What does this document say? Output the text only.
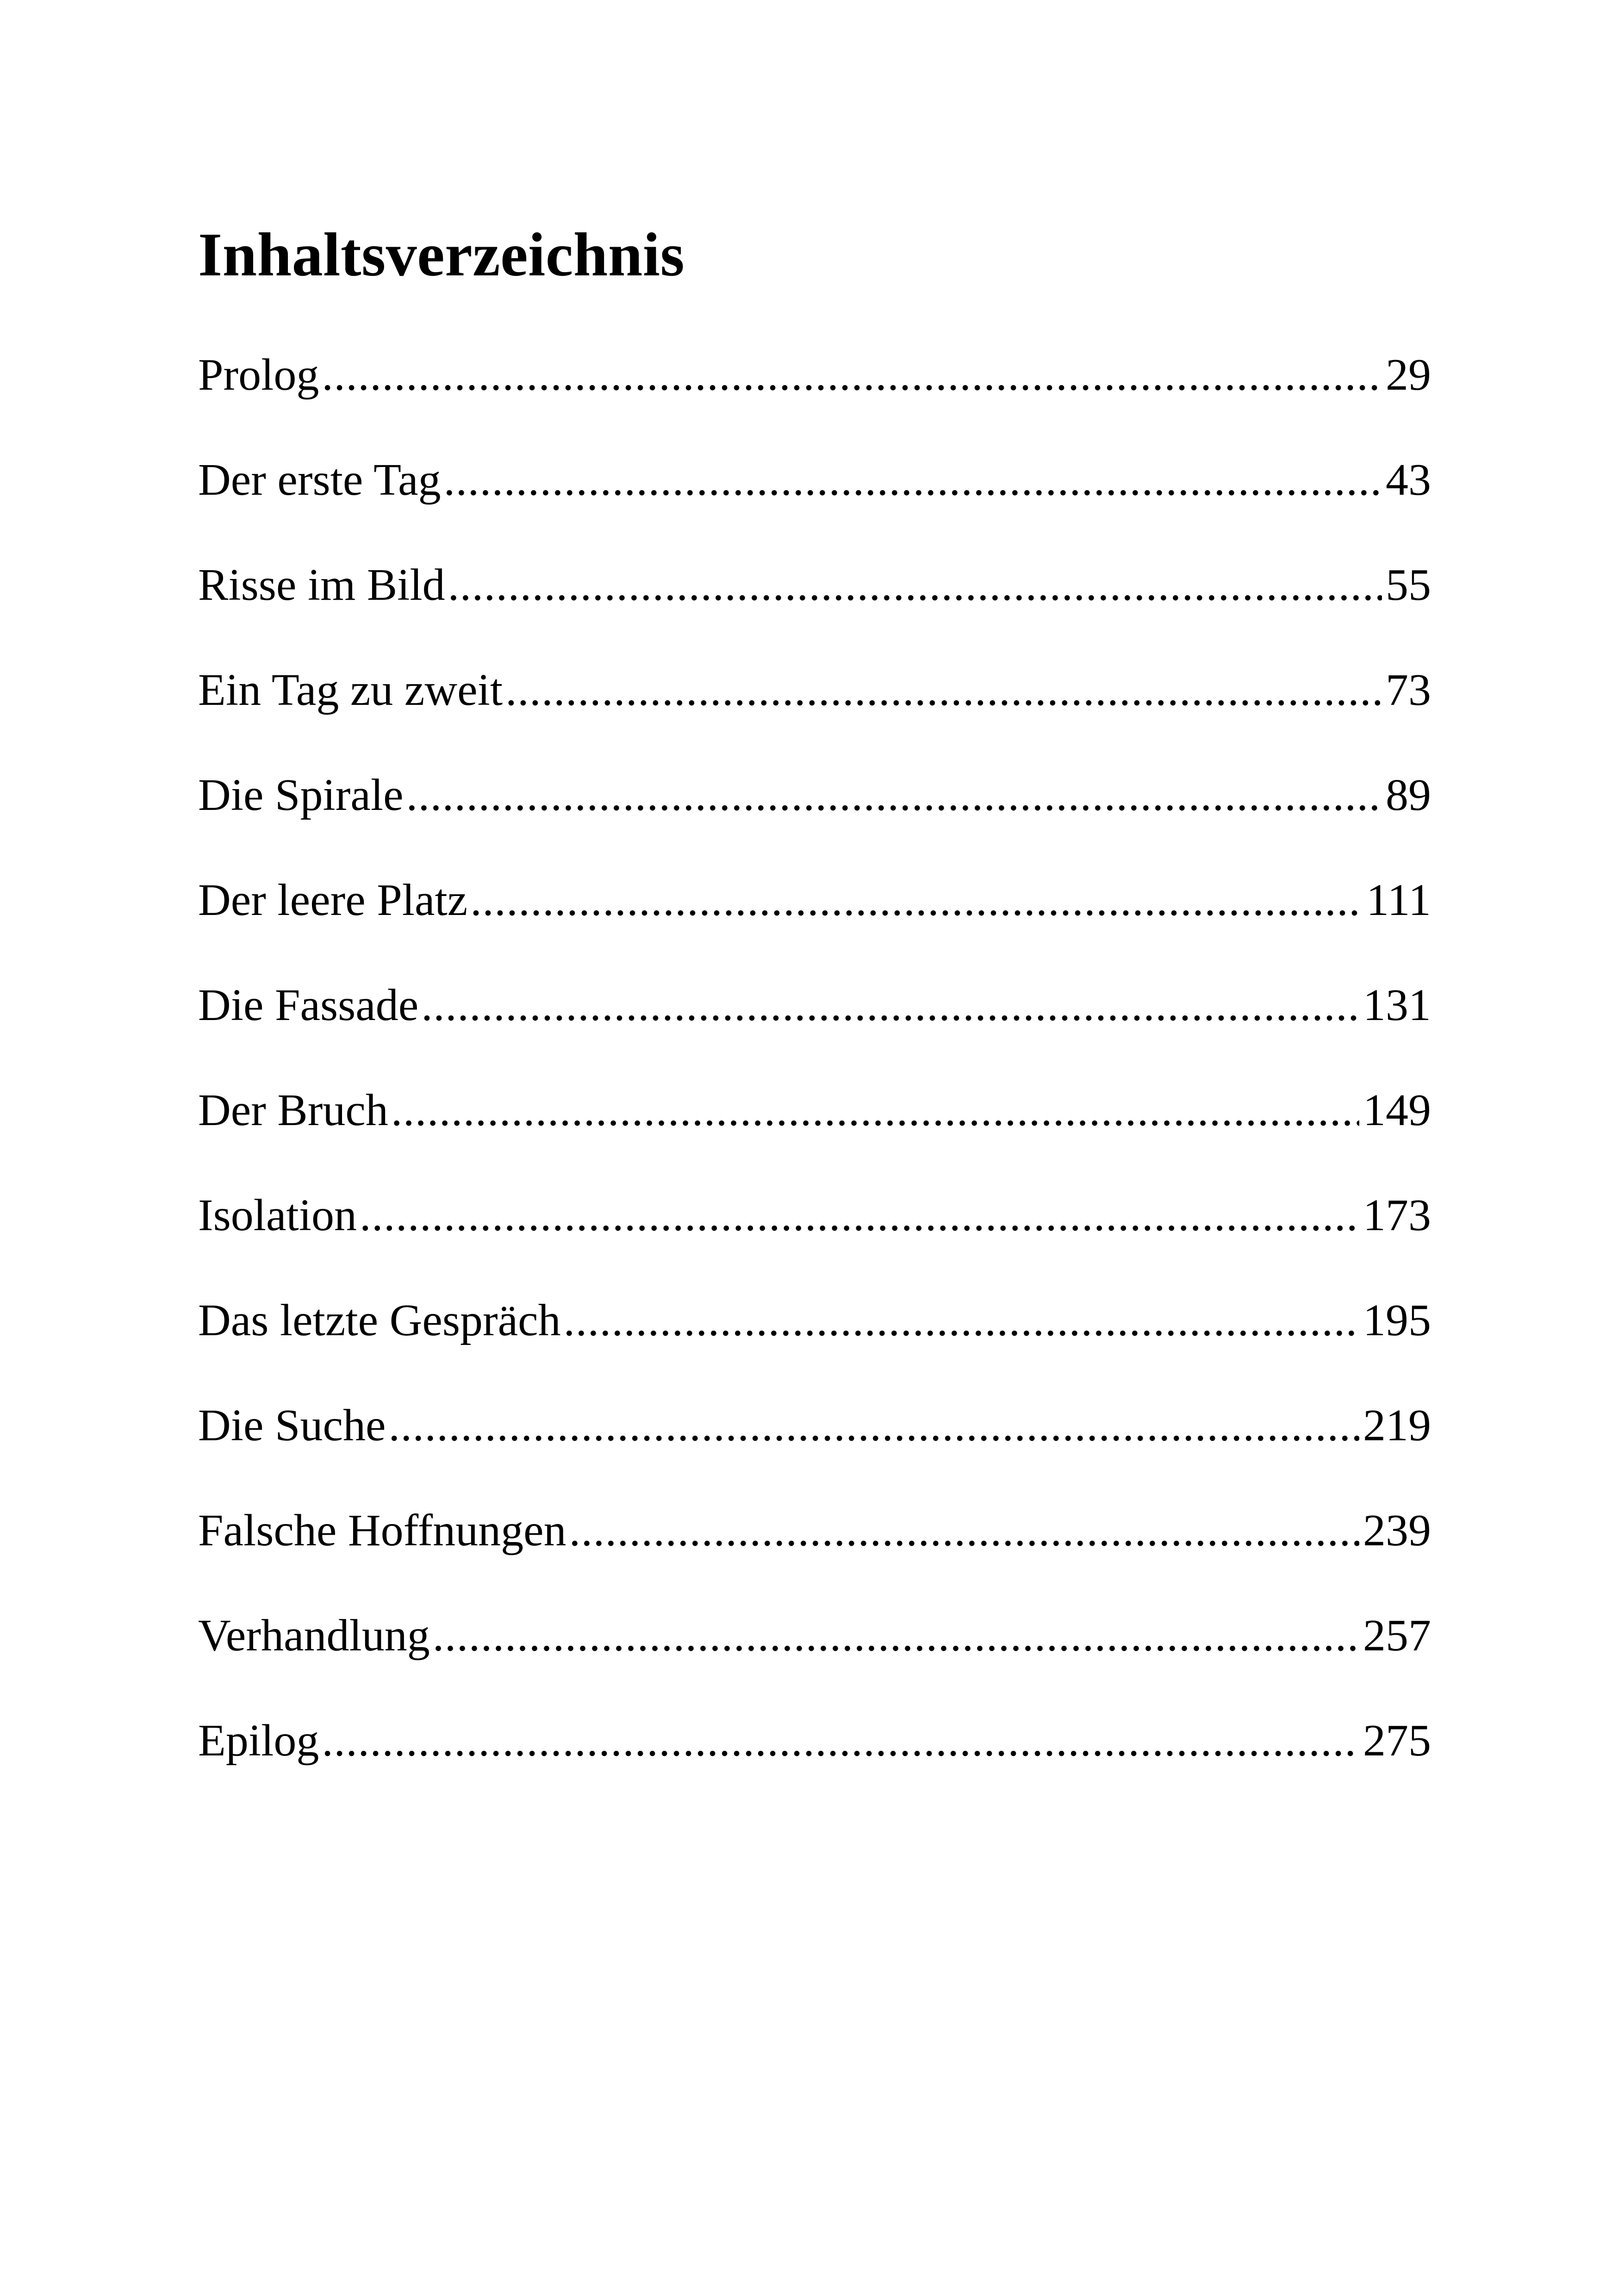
Inhaltsverzeichnis
Prolog .....	29
Der erste Tag .....	43
Risse im Bild .....	55
Ein Tag zu zweit .....	73
Die Spirale .....	89
Der leere Platz .....	111
Die Fassade .....	131
Der Bruch .....	149
Isolation .....	173
Das letzte Gespräch .....	195
Die Suche .....	219
Falsche Hoffnungen .....	239
Verhandlung .....	257
Epilog .....	275
